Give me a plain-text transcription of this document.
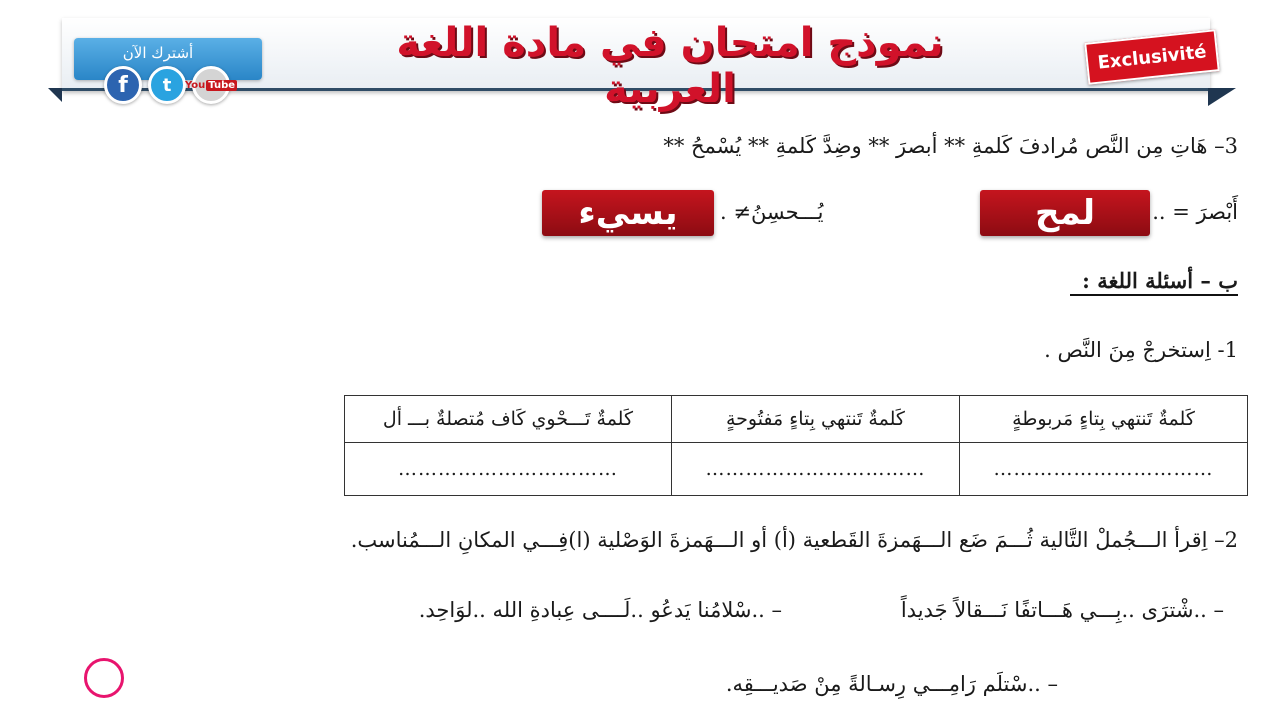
نموذج امتحان في مادة اللغة العربية
أشترك الآن
f	t	You Tube
Exclusivité
3– هَاتِ مِن النَّص مُرادفَ كَلمةِ ** أبصرَ ** وضِدَّ كَلمةِ ** يُسْمحُ **
أَبْصرَ = ..
لمح
يُـــحسِنُ≠ .
يسيء
ب – أسئلة اللغة :
1- اِستخرجْ مِنَ النَّص .
كَلمةٌ تَنتهي بِتاءٍ مَربوطةٍ	كَلمةٌ تَنتهي بِتاءٍ مَفتُوحةٍ	كَلمةٌ تَـــحْوي كَاف مُتصلةٌ بـــ أل
……………………………	……………………………	……………………………
2– اِقرأ الـــجُملْ التَّالية ثُـــمَ ضَع الـــهَمزةَ القَطعية (أ) أو الـــهَمزةَ الوَصْلية (ا)فِـــي المكانِ الـــمُناسب.
– ..شْترَى ..بِـــي هَـــاتفًا نَـــقالاً جَديداً
– ..سْلامُنا يَدعُو ..لَــــى عِبادةِ الله ..لوَاحِد.
– ..سْتلَم رَامِـــي رِسـالةً مِنْ صَديـــقِه.
